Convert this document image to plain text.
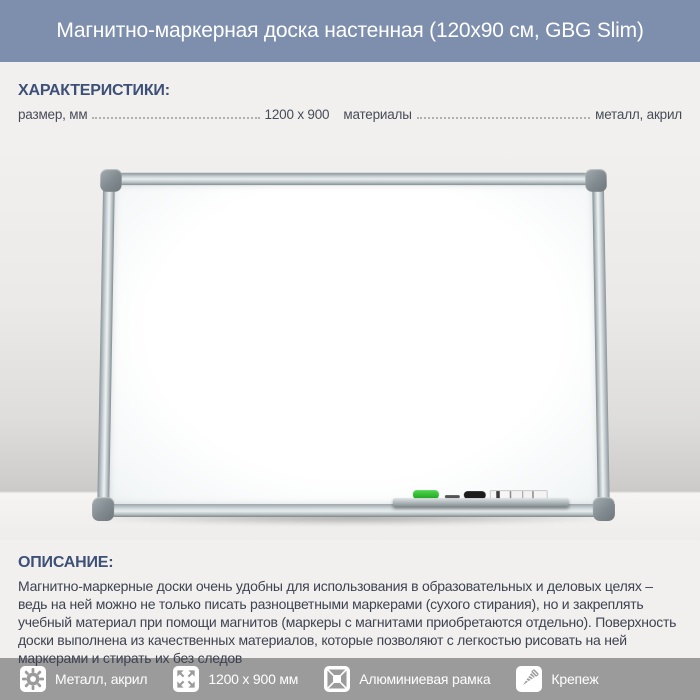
Магнитно-маркерная доска настенная (120x90 см, GBG Slim)
ХАРАКТЕРИСТИКИ:
размер, мм	1200 x 900 материалы	металл, акрил
ОПИСАНИЕ:

Магнитно-маркерные доски очень удобны для использования в образовательных и деловых целях – ведь на ней можно не только писать разноцветными маркерами (сухого стирания), но и закреплять учебный материал при помощи магнитов (маркеры с магнитами приобретаются отдельно). Поверхность доски выполнена из качественных материалов, которые позволяют с легкостью рисовать на ней маркерами и стирать их без следов

Металл, акрил	1200 x 900 мм	Алюминиевая рамка	Крепеж
